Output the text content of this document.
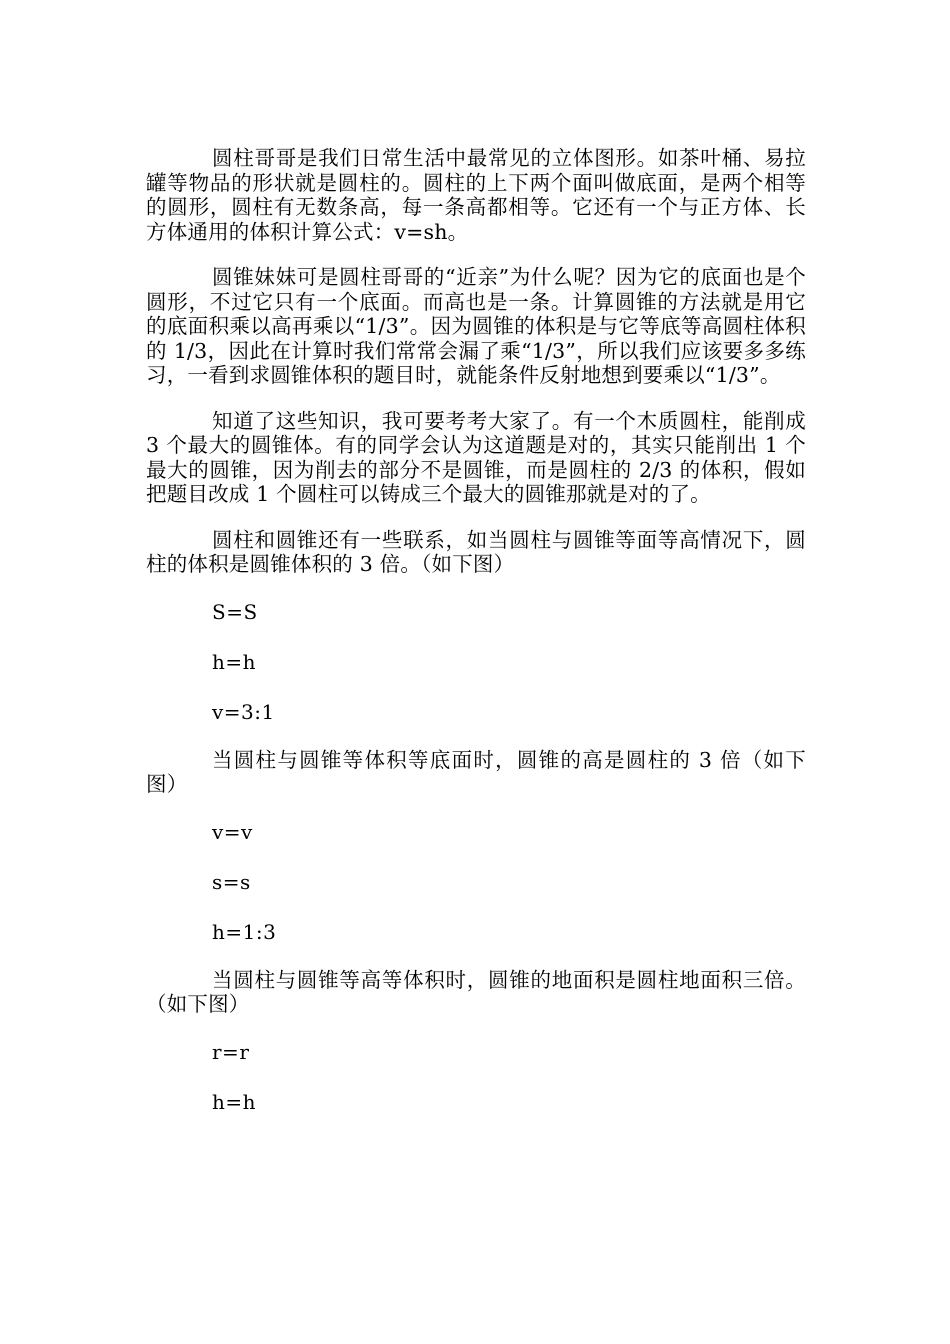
圆柱哥哥是我们日常生活中最常见的立体图形。如茶叶桶、易拉罐等物品的形状就是圆柱的。圆柱的上下两个面叫做底面，是两个相等的圆形，圆柱有无数条高，每一条高都相等。它还有一个与正方体、长方体通用的体积计算公式：v=sh。

圆锥妹妹可是圆柱哥哥的“近亲”为什么呢？因为它的底面也是个圆形，不过它只有一个底面。而高也是一条。计算圆锥的方法就是用它的底面积乘以高再乘以“1/3”。因为圆锥的体积是与它等底等高圆柱体积的 1/3，因此在计算时我们常常会漏了乘“1/3”，所以我们应该要多多练习，一看到求圆锥体积的题目时，就能条件反射地想到要乘以“1/3”。

知道了这些知识，我可要考考大家了。有一个木质圆柱，能削成 3 个最大的圆锥体。有的同学会认为这道题是对的，其实只能削出 1 个最大的圆锥，因为削去的部分不是圆锥，而是圆柱的 2/3 的体积，假如把题目改成 1 个圆柱可以铸成三个最大的圆锥那就是对的了。

圆柱和圆锥还有一些联系，如当圆柱与圆锥等面等高情况下，圆柱的体积是圆锥体积的 3 倍。（如下图）

S=S
h=h
v=3:1

当圆柱与圆锥等体积等底面时，圆锥的高是圆柱的 3 倍（如下图）

v=v
s=s
h=1:3

当圆柱与圆锥等高等体积时，圆锥的地面积是圆柱地面积三倍。（如下图）

r=r
h=h
